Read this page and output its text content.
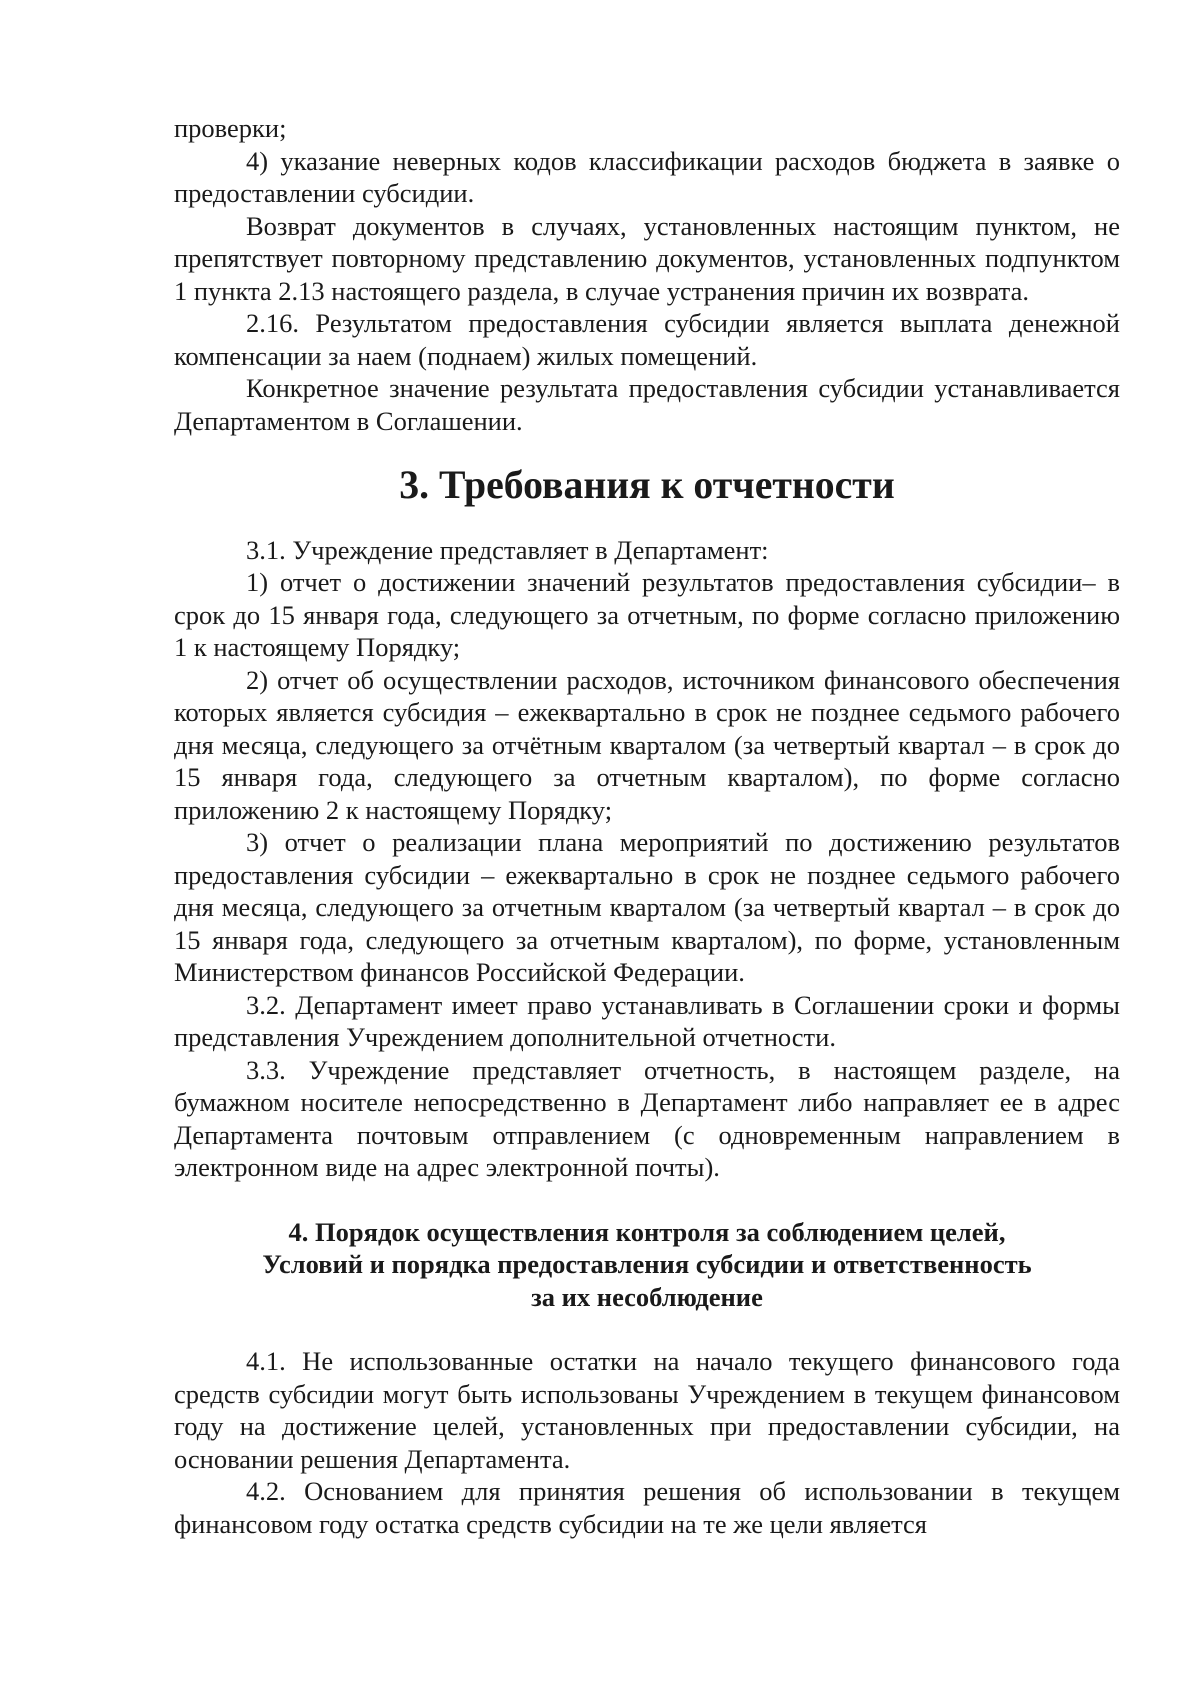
проверки;

4) указание неверных кодов классификации расходов бюджета в заявке о предоставлении субсидии.

Возврат документов в случаях, установленных настоящим пунктом, не препятствует повторному представлению документов, установленных подпунктом 1 пункта 2.13 настоящего раздела, в случае устранения причин их возврата.

2.16. Результатом предоставления субсидии является выплата денежной компенсации за наем (поднаем) жилых помещений.

Конкретное значение результата предоставления субсидии устанавливается Департаментом в Соглашении.

3. Требования к отчетности

3.1. Учреждение представляет в Департамент:

1) отчет о достижении значений результатов предоставления субсидии– в срок до 15 января года, следующего за отчетным, по форме согласно приложению 1 к настоящему Порядку;

2) отчет об осуществлении расходов, источником финансового обеспечения которых является субсидия – ежеквартально в срок не позднее седьмого рабочего дня месяца, следующего за отчётным кварталом (за четвертый квартал – в срок до 15 января года, следующего за отчетным кварталом), по форме согласно приложению 2 к настоящему Порядку;

3) отчет о реализации плана мероприятий по достижению результатов предоставления субсидии – ежеквартально в срок не позднее седьмого рабочего дня месяца, следующего за отчетным кварталом (за четвертый квартал – в срок до 15 января года, следующего за отчетным кварталом), по форме, установленным Министерством финансов Российской Федерации.

3.2. Департамент имеет право устанавливать в Соглашении сроки и формы представления Учреждением дополнительной отчетности.

3.3. Учреждение представляет отчетность, в настоящем разделе, на бумажном носителе непосредственно в Департамент либо направляет ее в адрес Департамента почтовым отправлением (с одновременным направлением в электронном виде на адрес электронной почты).

4. Порядок осуществления контроля за соблюдением целей,
Условий и порядка предоставления субсидии и ответственность
за их несоблюдение

4.1. Не использованные остатки на начало текущего финансового года средств субсидии могут быть использованы Учреждением в текущем финансовом году на достижение целей, установленных при предоставлении субсидии, на основании решения Департамента.

4.2. Основанием для принятия решения об использовании в текущем финансовом году остатка средств субсидии на те же цели является
